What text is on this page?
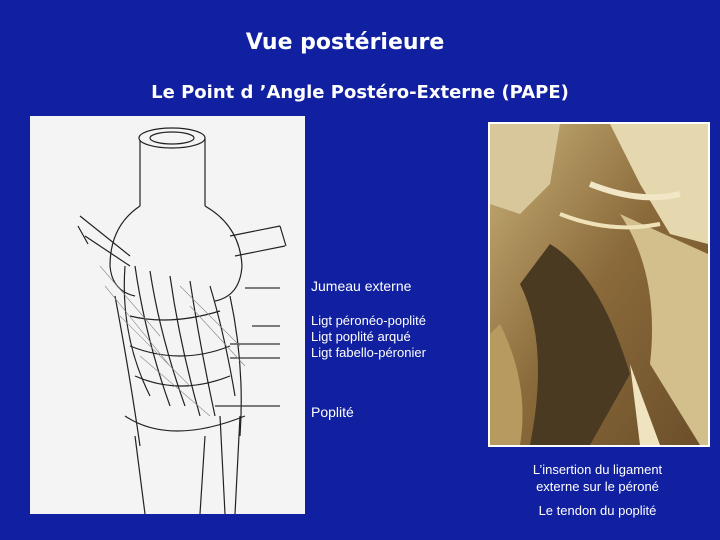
Vue postérieure
Le Point d ’Angle Postéro-Externe (PAPE)
Jumeau externe
Ligt péronéo-poplité
Ligt poplité arqué
Ligt fabello-péronier
Poplité
L’insertion du ligament
externe sur le péroné
Le tendon du poplité
